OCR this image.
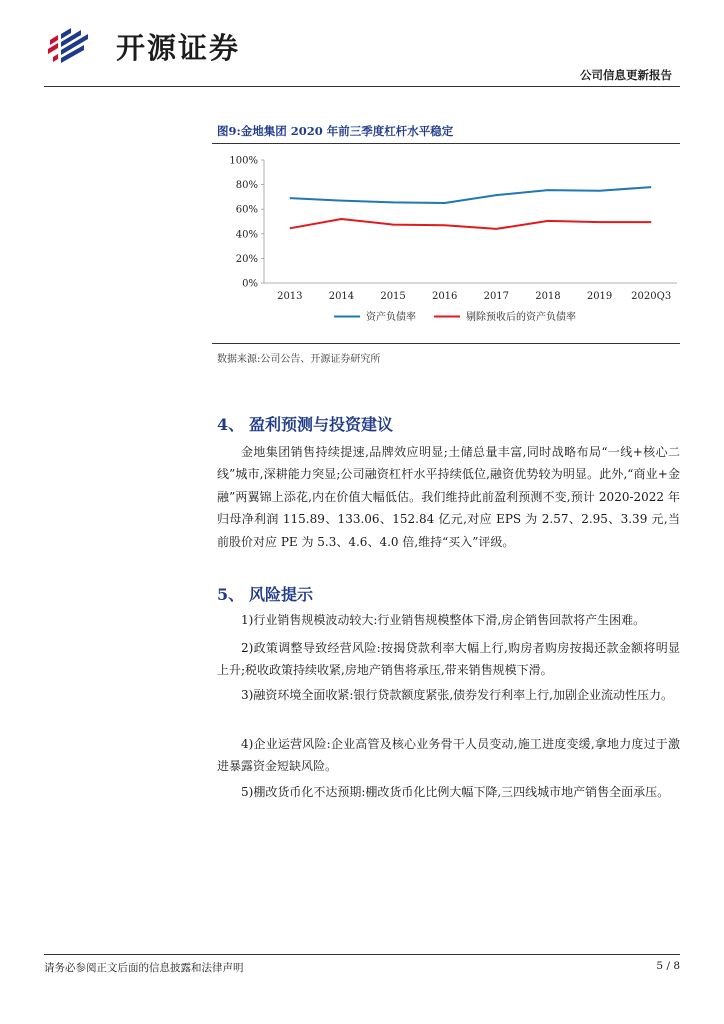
开源证券
公司信息更新报告
图9:金地集团 2020 年前三季度杠杆水平稳定
0%
20%
40%
60%
80%
100%
2013	2014	2015	2016	2017	2018	2019 2020Q3
资产负债率	剔除预收后的资产负债率
数据来源:公司公告、开源证券研究所
4、 盈利预测与投资建议

金地集团销售持续提速,品牌效应明显;土储总量丰富,同时战略布局“一线+核心二线”城市,深耕能力突显;公司融资杠杆水平持续低位,融资优势较为明显。此外,“商业+金融”两翼锦上添花,内在价值大幅低估。我们维持此前盈利预测不变,预计 2020-2022 年归母净利润 115.89、133.06、152.84 亿元,对应 EPS 为 2.57、2.95、3.39 元,当前股价对应 PE 为 5.3、4.6、4.0 倍,维持“买入”评级。

5、 风险提示

1)行业销售规模波动较大:行业销售规模整体下滑,房企销售回款将产生困难。

2)政策调整导致经营风险:按揭贷款利率大幅上行,购房者购房按揭还款金额将明显上升;税收政策持续收紧,房地产销售将承压,带来销售规模下滑。

3)融资环境全面收紧:银行贷款额度紧张,债券发行利率上行,加剧企业流动性压力。

4)企业运营风险:企业高管及核心业务骨干人员变动,施工进度变缓,拿地力度过于激进暴露资金短缺风险。

5)棚改货币化不达预期:棚改货币化比例大幅下降,三四线城市地产销售全面承压。

请务必参阅正文后面的信息披露和法律声明	5 / 8
